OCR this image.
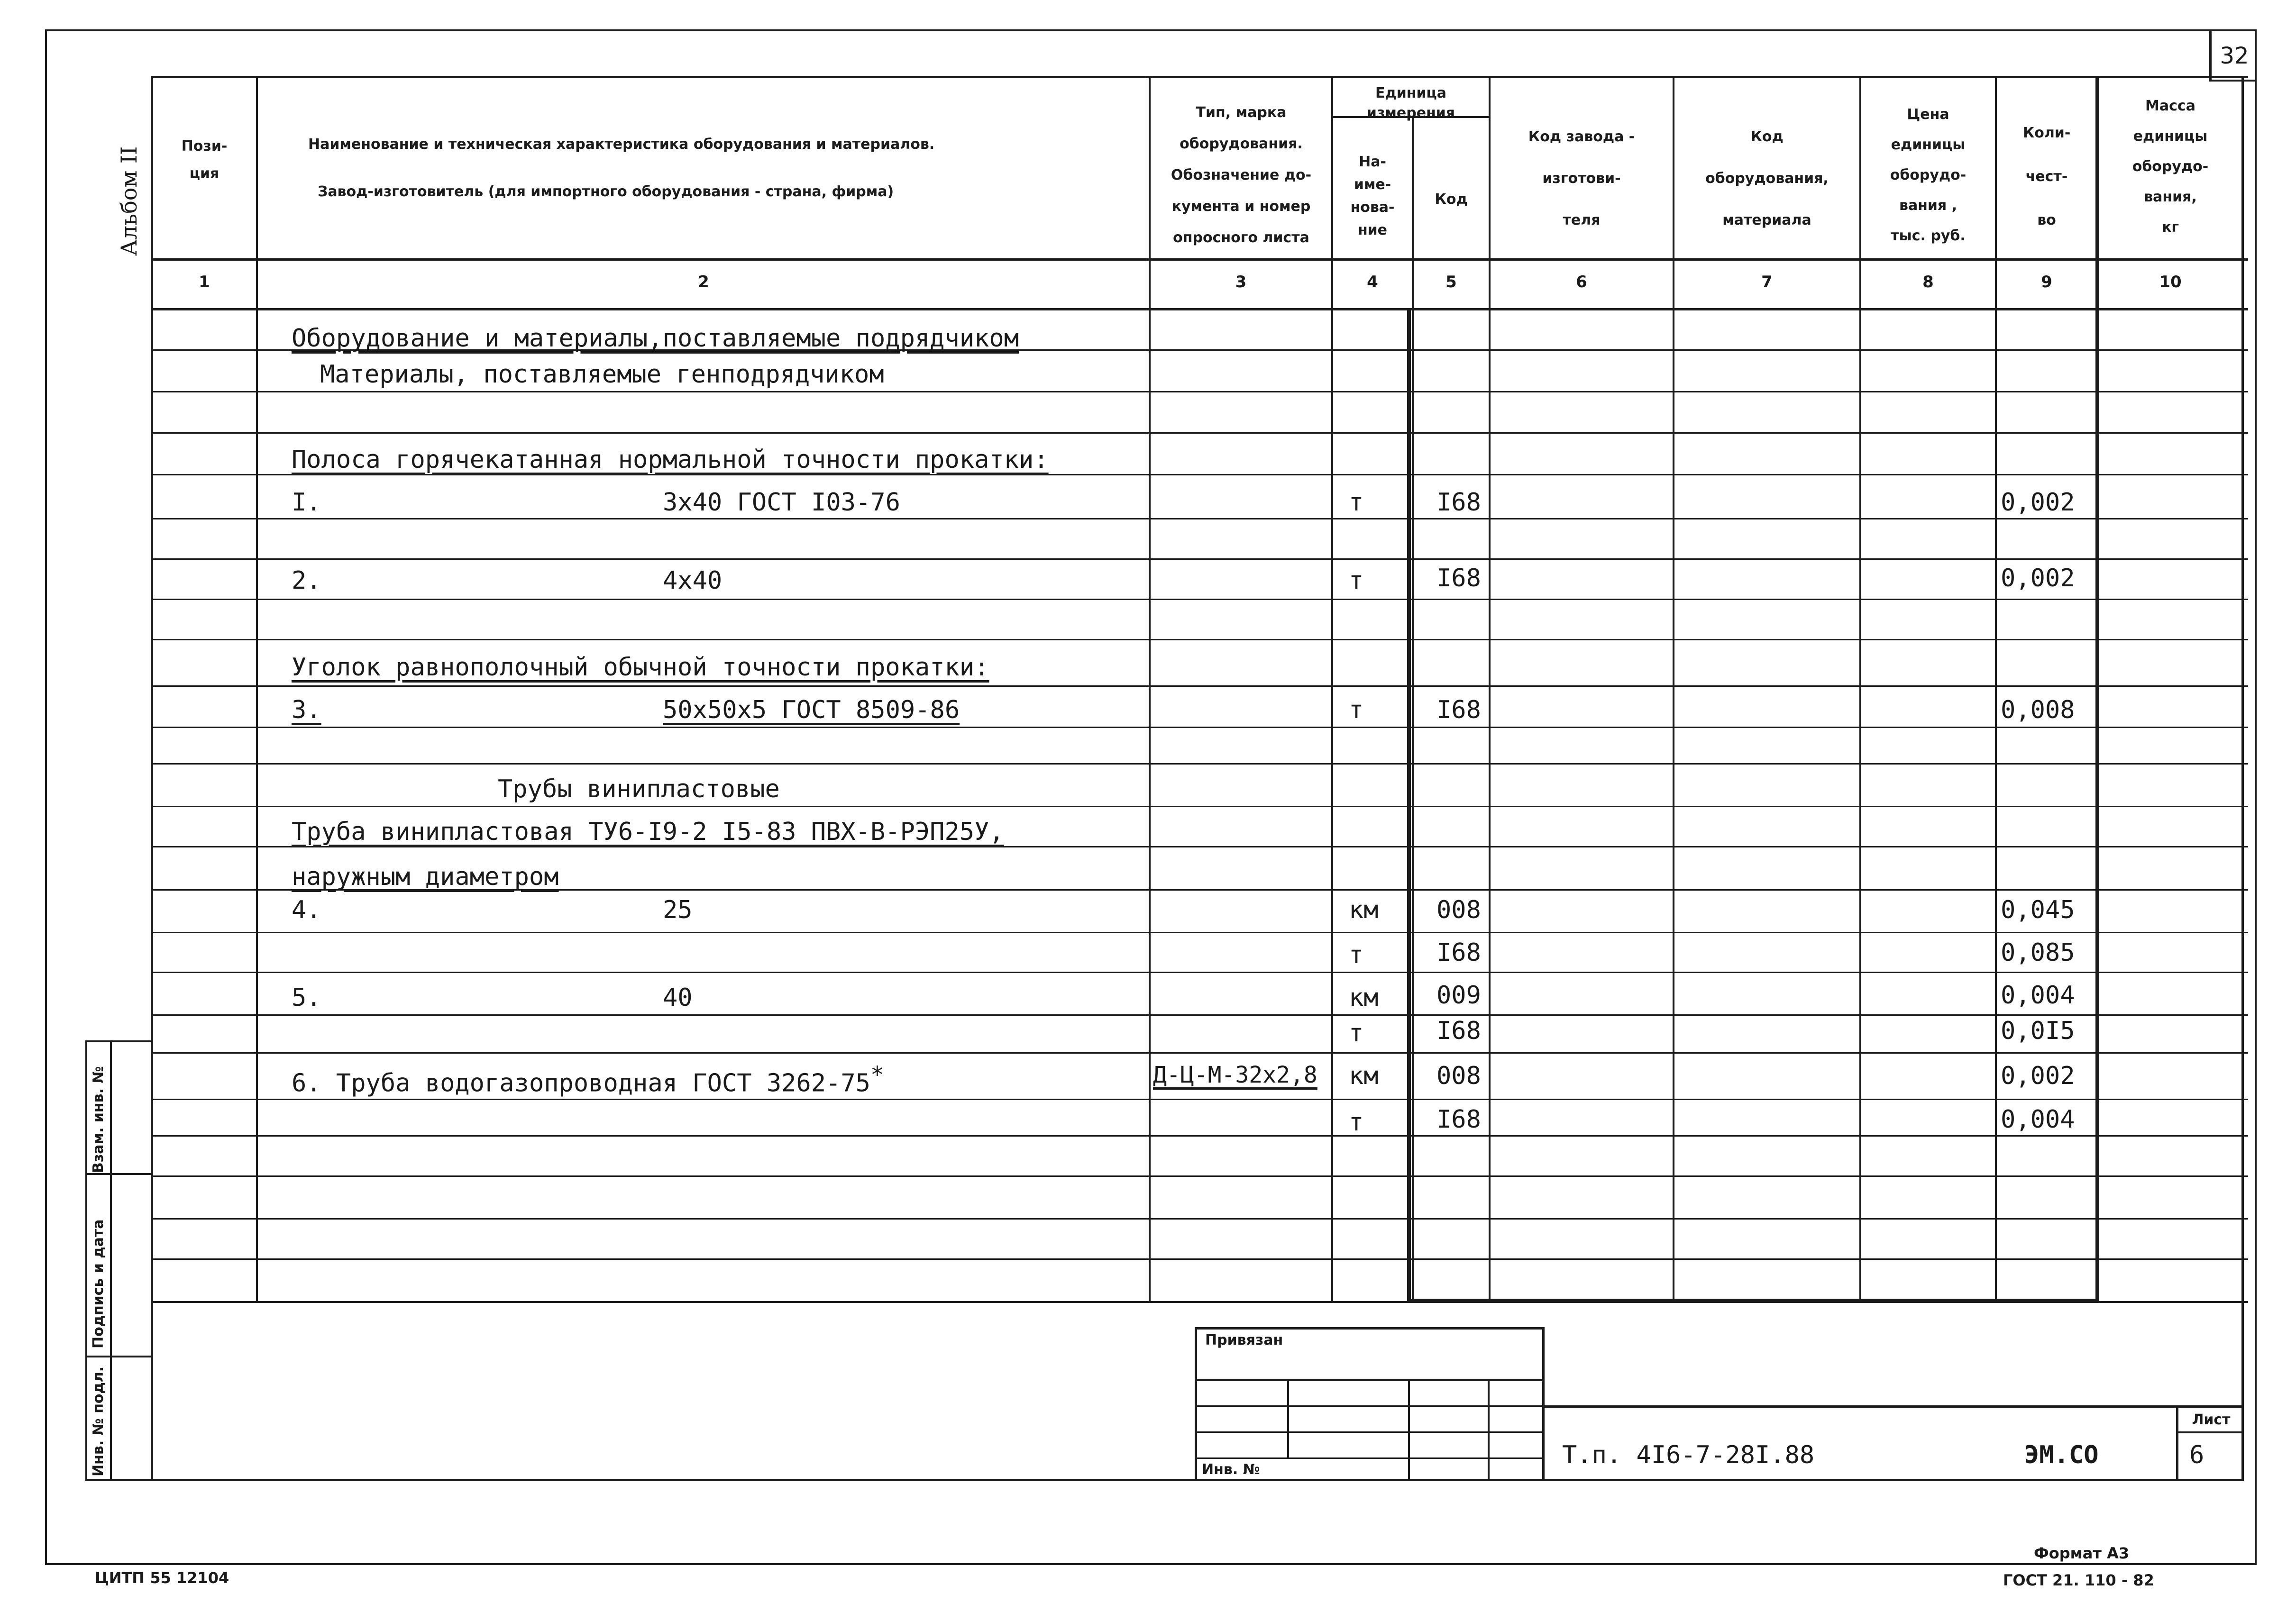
32
Альбом II
Пози-
ция
Наименование и техническая характеристика оборудования и материалов.
Завод-изготовитель (для импортного оборудования - страна, фирма)
Тип, марка
оборудования.
Обозначение до-
кумента и номер
опросного листа
Единица
измерения
На-
име-
нова-
ние
Код
Код завода -
изготови-
теля
Код
оборудования,
материала
Цена
единицы
оборудо-
вания ,
тыс. руб.
Коли-
чест-
во
Масса
единицы
оборудо-
вания,
кг
1	2	3	4	5	6	7	8	9	10
Оборудование и материалы,поставляемые подрядчиком
Материалы, поставляемые генподрядчиком
Полоса горячекатанная нормальной точности прокатки:
I.	3х40 ГОСТ I03-76	т	I68	0,002
2.	4х40	т	I68	0,002
Уголок равнополочный обычной точности прокатки:
3.	50х50х5 ГОСТ 8509-86	т	I68	0,008
Трубы винипластовые
Труба винипластовая ТУ6-I9-2 I5-83 ПВХ-В-РЭП25У,
наружным диаметром
4.	25	км 008	0,045
т	I68	0,085
5.	40	км 009	0,004
т	I68	0,0I5
6. Труба водогазопроводная ГОСТ 3262-75*	Д-Ц-М-32х2,8 км 008	0,002
т	I68	0,004
Взам. инв. №
Подпись и дата
Инв. № подл.
Привязан
Инв. №
Т.п. 4I6-7-28I.88	ЭМ.СО
Лист
6
ЦИТП 55 12104
Формат А3
ГОСТ 21. 110 - 82
